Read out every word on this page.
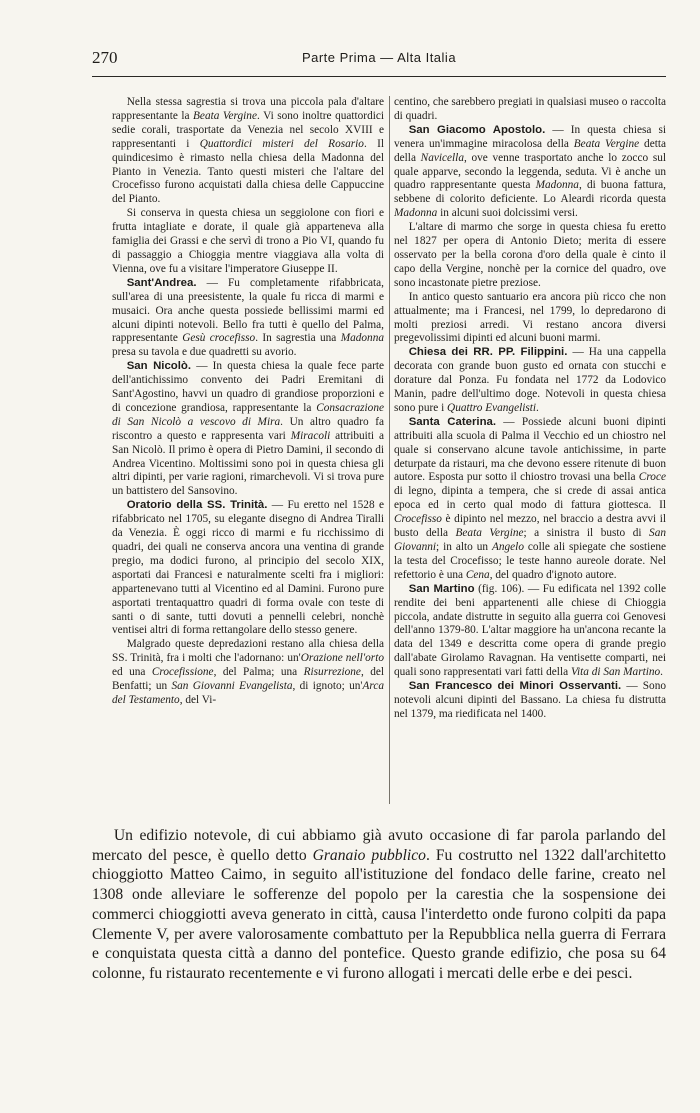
270	Parte Prima — Alta Italia

Nella stessa sagrestia si trova una piccola pala d'altare rappresentante la Beata Vergine. Vi sono inoltre quattordici sedie corali, trasportate da Venezia nel secolo XVIII e rappresentanti i Quattordici misteri del Rosario. Il quindicesimo è rimasto nella chiesa della Madonna del Pianto in Venezia. Tanto questi misteri che l'altare del Crocefisso furono acquistati dalla chiesa delle Cappuccine del Pianto.

Si conserva in questa chiesa un seggiolone con fiori e frutta intagliate e dorate, il quale già apparteneva alla famiglia dei Grassi e che servì di trono a Pio VI, quando fu di passaggio a Chioggia mentre viaggiava alla volta di Vienna, ove fu a visitare l'imperatore Giuseppe II.

Sant'Andrea. — Fu completamente rifabbricata, sull'area di una preesistente, la quale fu ricca di marmi e musaici. Ora anche questa possiede bellissimi marmi ed alcuni dipinti notevoli. Bello fra tutti è quello del Palma, rappresentante Gesù crocefisso. In sagrestia una Madonna presa su tavola e due quadretti su avorio.

San Nicolò. — In questa chiesa la quale fece parte dell'antichissimo convento dei Padri Eremitani di Sant'Agostino, havvi un quadro di grandiose proporzioni e di concezione grandiosa, rappresentante la Consacrazione di San Nicolò a vescovo di Mira. Un altro quadro fa riscontro a questo e rappresenta vari Miracoli attribuiti a San Nicolò. Il primo è opera di Pietro Damini, il secondo di Andrea Vicentino. Moltissimi sono poi in questa chiesa gli altri dipinti, per varie ragioni, rimarchevoli. Vi si trova pure un battistero del Sansovino.

Oratorio della SS. Trinità. — Fu eretto nel 1528 e rifabbricato nel 1705, su elegante disegno di Andrea Tiralli da Venezia. È oggi ricco di marmi e fu ricchissimo di quadri, dei quali ne conserva ancora una ventina di grande pregio, ma dodici furono, al principio del secolo XIX, asportati dai Francesi e naturalmente scelti fra i migliori: appartenevano tutti al Vicentino ed al Damini. Furono pure asportati trentaquattro quadri di forma ovale con teste di santi o di sante, tutti dovuti a pennelli celebri, nonchè ventisei altri di forma rettangolare dello stesso genere.

Malgrado queste depredazioni restano alla chiesa della SS. Trinità, fra i molti che l'adornano: un'Orazione nell'orto ed una Crocefissione, del Palma; una Risurrezione, del Benfatti; un San Giovanni Evangelista, di ignoto; un'Arca del Testamento, del Vi-

centino, che sarebbero pregiati in qualsiasi museo o raccolta di quadri.

San Giacomo Apostolo. — In questa chiesa si venera un'immagine miracolosa della Beata Vergine detta della Navicella, ove venne trasportato anche lo zocco sul quale apparve, secondo la leggenda, seduta. Vi è anche un quadro rappresentante questa Madonna, di buona fattura, sebbene di colorito deficiente. Lo Aleardi ricorda questa Madonna in alcuni suoi dolcissimi versi.

L'altare di marmo che sorge in questa chiesa fu eretto nel 1827 per opera di Antonio Dieto; merita di essere osservato per la bella corona d'oro della quale è cinto il capo della Vergine, nonchè per la cornice del quadro, ove sono incastonate pietre preziose.

In antico questo santuario era ancora più ricco che non attualmente; ma i Francesi, nel 1799, lo depredarono di molti preziosi arredi. Vi restano ancora diversi pregevolissimi dipinti ed alcuni buoni marmi.

Chiesa dei RR. PP. Filippini. — Ha una cappella decorata con grande buon gusto ed ornata con stucchi e dorature dal Ponza. Fu fondata nel 1772 da Lodovico Manin, padre dell'ultimo doge. Notevoli in questa chiesa sono pure i Quattro Evangelisti.

Santa Caterina. — Possiede alcuni buoni dipinti attribuiti alla scuola di Palma il Vecchio ed un chiostro nel quale si conservano alcune tavole antichissime, in parte deturpate da ristauri, ma che devono essere ritenute di buon autore. Esposta pur sotto il chiostro trovasi una bella Croce di legno, dipinta a tempera, che si crede di assai antica epoca ed in certo qual modo di fattura giottesca. Il Crocefisso è dipinto nel mezzo, nel braccio a destra avvi il busto della Beata Vergine; a sinistra il busto di San Giovanni; in alto un Angelo colle ali spiegate che sostiene la testa del Crocefisso; le teste hanno aureole dorate. Nel refettorio è una Cena, del quadro d'ignoto autore.

San Martino (fig. 106). — Fu edificata nel 1392 colle rendite dei beni appartenenti alle chiese di Chioggia piccola, andate distrutte in seguito alla guerra coi Genovesi dell'anno 1379-80. L'altar maggiore ha un'ancona recante la data del 1349 e descritta come opera di grande pregio dall'abate Girolamo Ravagnan. Ha ventisette comparti, nei quali sono rappresentati vari fatti della Vita di San Martino.

San Francesco dei Minori Osservanti. — Sono notevoli alcuni dipinti del Bassano. La chiesa fu distrutta nel 1379, ma riedificata nel 1400.

Un edifizio notevole, di cui abbiamo già avuto occasione di far parola parlando del mercato del pesce, è quello detto Granaio pubblico. Fu costrutto nel 1322 dall'architetto chioggiotto Matteo Caimo, in seguito all'istituzione del fondaco delle farine, creato nel 1308 onde alleviare le sofferenze del popolo per la carestia che la sospensione dei commerci chioggiotti aveva generato in città, causa l'interdetto onde furono colpiti da papa Clemente V, per avere valorosamente combattuto per la Repubblica nella guerra di Ferrara e conquistata questa città a danno del pontefice. Questo grande edifizio, che posa su 64 colonne, fu ristaurato recentemente e vi furono allogati i mercati delle erbe e dei pesci.
